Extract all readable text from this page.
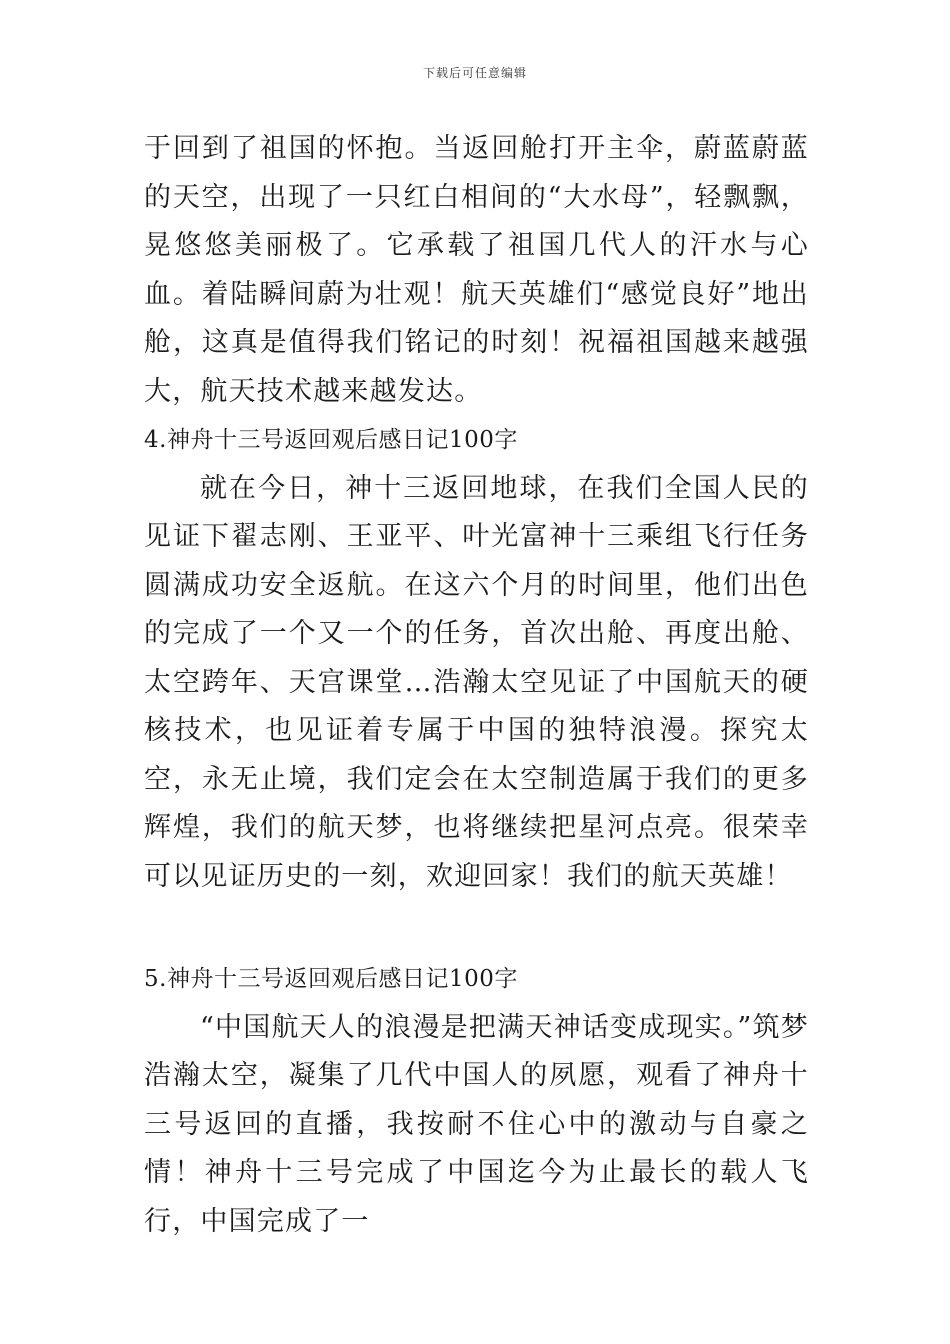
下载后可任意编辑

于回到了祖国的怀抱。当返回舱打开主伞，蔚蓝蔚蓝的天空，出现了一只红白相间的“大水母”，轻飘飘，晃悠悠美丽极了。它承载了祖国几代人的汗水与心血。着陆瞬间蔚为壮观！航天英雄们“感觉良好”地出舱，这真是值得我们铭记的时刻！祝福祖国越来越强大，航天技术越来越发达。

4.神舟十三号返回观后感日记100字

就在今日，神十三返回地球，在我们全国人民的见证下翟志刚、王亚平、叶光富神十三乘组飞行任务圆满成功安全返航。在这六个月的时间里，他们出色的完成了一个又一个的任务，首次出舱、再度出舱、太空跨年、天宫课堂…浩瀚太空见证了中国航天的硬核技术，也见证着专属于中国的独特浪漫。探究太空，永无止境，我们定会在太空制造属于我们的更多辉煌，我们的航天梦，也将继续把星河点亮。很荣幸可以见证历史的一刻，欢迎回家！我们的航天英雄！

5.神舟十三号返回观后感日记100字

“中国航天人的浪漫是把满天神话变成现实。”筑梦浩瀚太空，凝集了几代中国人的夙愿，观看了神舟十三号返回的直播，我按耐不住心中的激动与自豪之情！神舟十三号完成了中国迄今为止最长的载人飞行，中国完成了一
